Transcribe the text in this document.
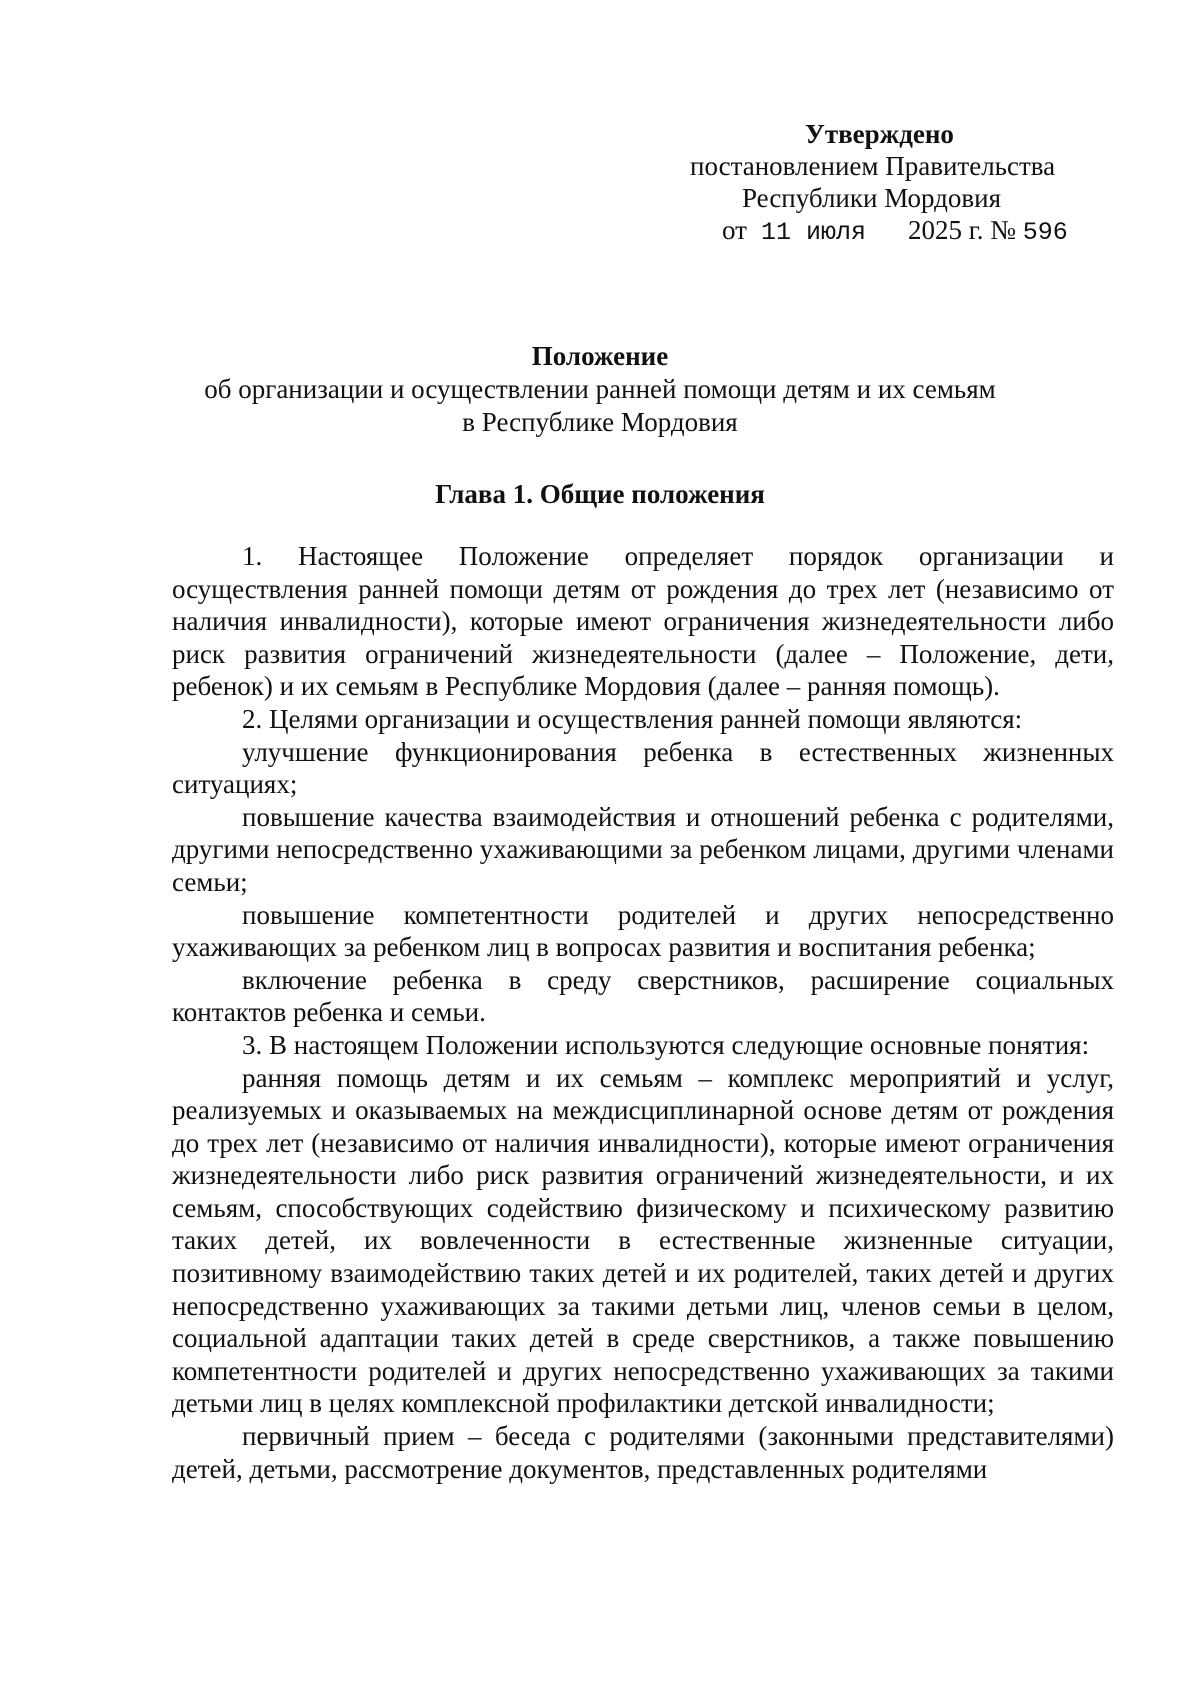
Утверждено
постановлением Правительства
Республики Мордовия
от 11 июля 2025 г. № 596
Положение
об организации и осуществлении ранней помощи детям и их семьям
в Республике Мордовия
Глава 1. Общие положения

1. Настоящее Положение определяет порядок организации и осуществления ранней помощи детям от рождения до трех лет (независимо от наличия инвалидности), которые имеют ограничения жизнедеятельности либо риск развития ограничений жизнедеятельности (далее – Положение, дети, ребенок) и их семьям в Республике Мордовия (далее – ранняя помощь).

2. Целями организации и осуществления ранней помощи являются:

улучшение функционирования ребенка в естественных жизненных ситуациях;

повышение качества взаимодействия и отношений ребенка с родителями, другими непосредственно ухаживающими за ребенком лицами, другими членами семьи;

повышение компетентности родителей и других непосредственно ухаживающих за ребенком лиц в вопросах развития и воспитания ребенка;

включение ребенка в среду сверстников, расширение социальных контактов ребенка и семьи.

3. В настоящем Положении используются следующие основные понятия:

ранняя помощь детям и их семьям – комплекс мероприятий и услуг, реализуемых и оказываемых на междисциплинарной основе детям от рождения до трех лет (независимо от наличия инвалидности), которые имеют ограничения жизнедеятельности либо риск развития ограничений жизнедеятельности, и их семьям, способствующих содействию физическому и психическому развитию таких детей, их вовлеченности в естественные жизненные ситуации, позитивному взаимодействию таких детей и их родителей, таких детей и других непосредственно ухаживающих за такими детьми лиц, членов семьи в целом, социальной адаптации таких детей в среде сверстников, а также повышению компетентности родителей и других непосредственно ухаживающих за такими детьми лиц в целях комплексной профилактики детской инвалидности;

первичный прием – беседа с родителями (законными представителями) детей, детьми, рассмотрение документов, представленных родителями
